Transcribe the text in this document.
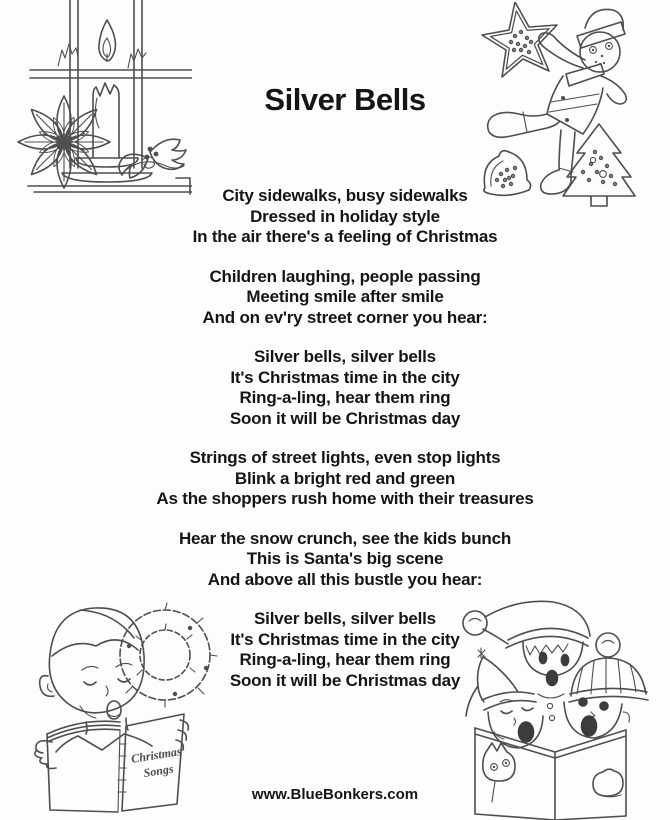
Christmas
Songs
Silver Bells
City sidewalks, busy sidewalks
Dressed in holiday style
In the air there's a feeling of Christmas
Children laughing, people passing
Meeting smile after smile
And on ev'ry street corner you hear:
Silver bells, silver bells
It's Christmas time in the city
Ring-a-ling, hear them ring
Soon it will be Christmas day
Strings of street lights, even stop lights
Blink a bright red and green
As the shoppers rush home with their treasures
Hear the snow crunch, see the kids bunch
This is Santa's big scene
And above all this bustle you hear:
Silver bells, silver bells
It's Christmas time in the city
Ring-a-ling, hear them ring
Soon it will be Christmas day
www.BlueBonkers.com
